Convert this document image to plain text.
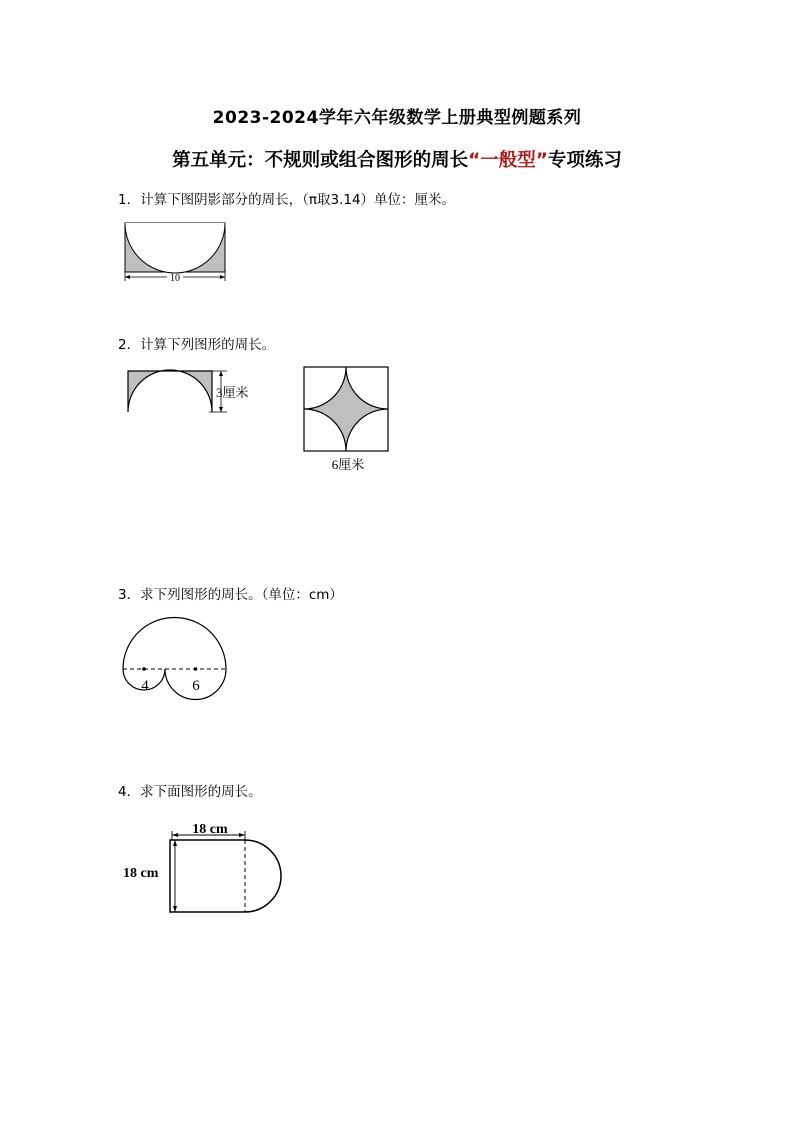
2023-2024学年六年级数学上册典型例题系列
第五单元：不规则或组合图形的周长“一般型”专项练习
1．计算下图阴影部分的周长，（π取3.14）单位：厘米。
10
2．计算下列图形的周长。
3厘米
6厘米
3．求下列图形的周长。（单位：cm）
4	6
4．求下面图形的周长。
18 cm
18 cm
